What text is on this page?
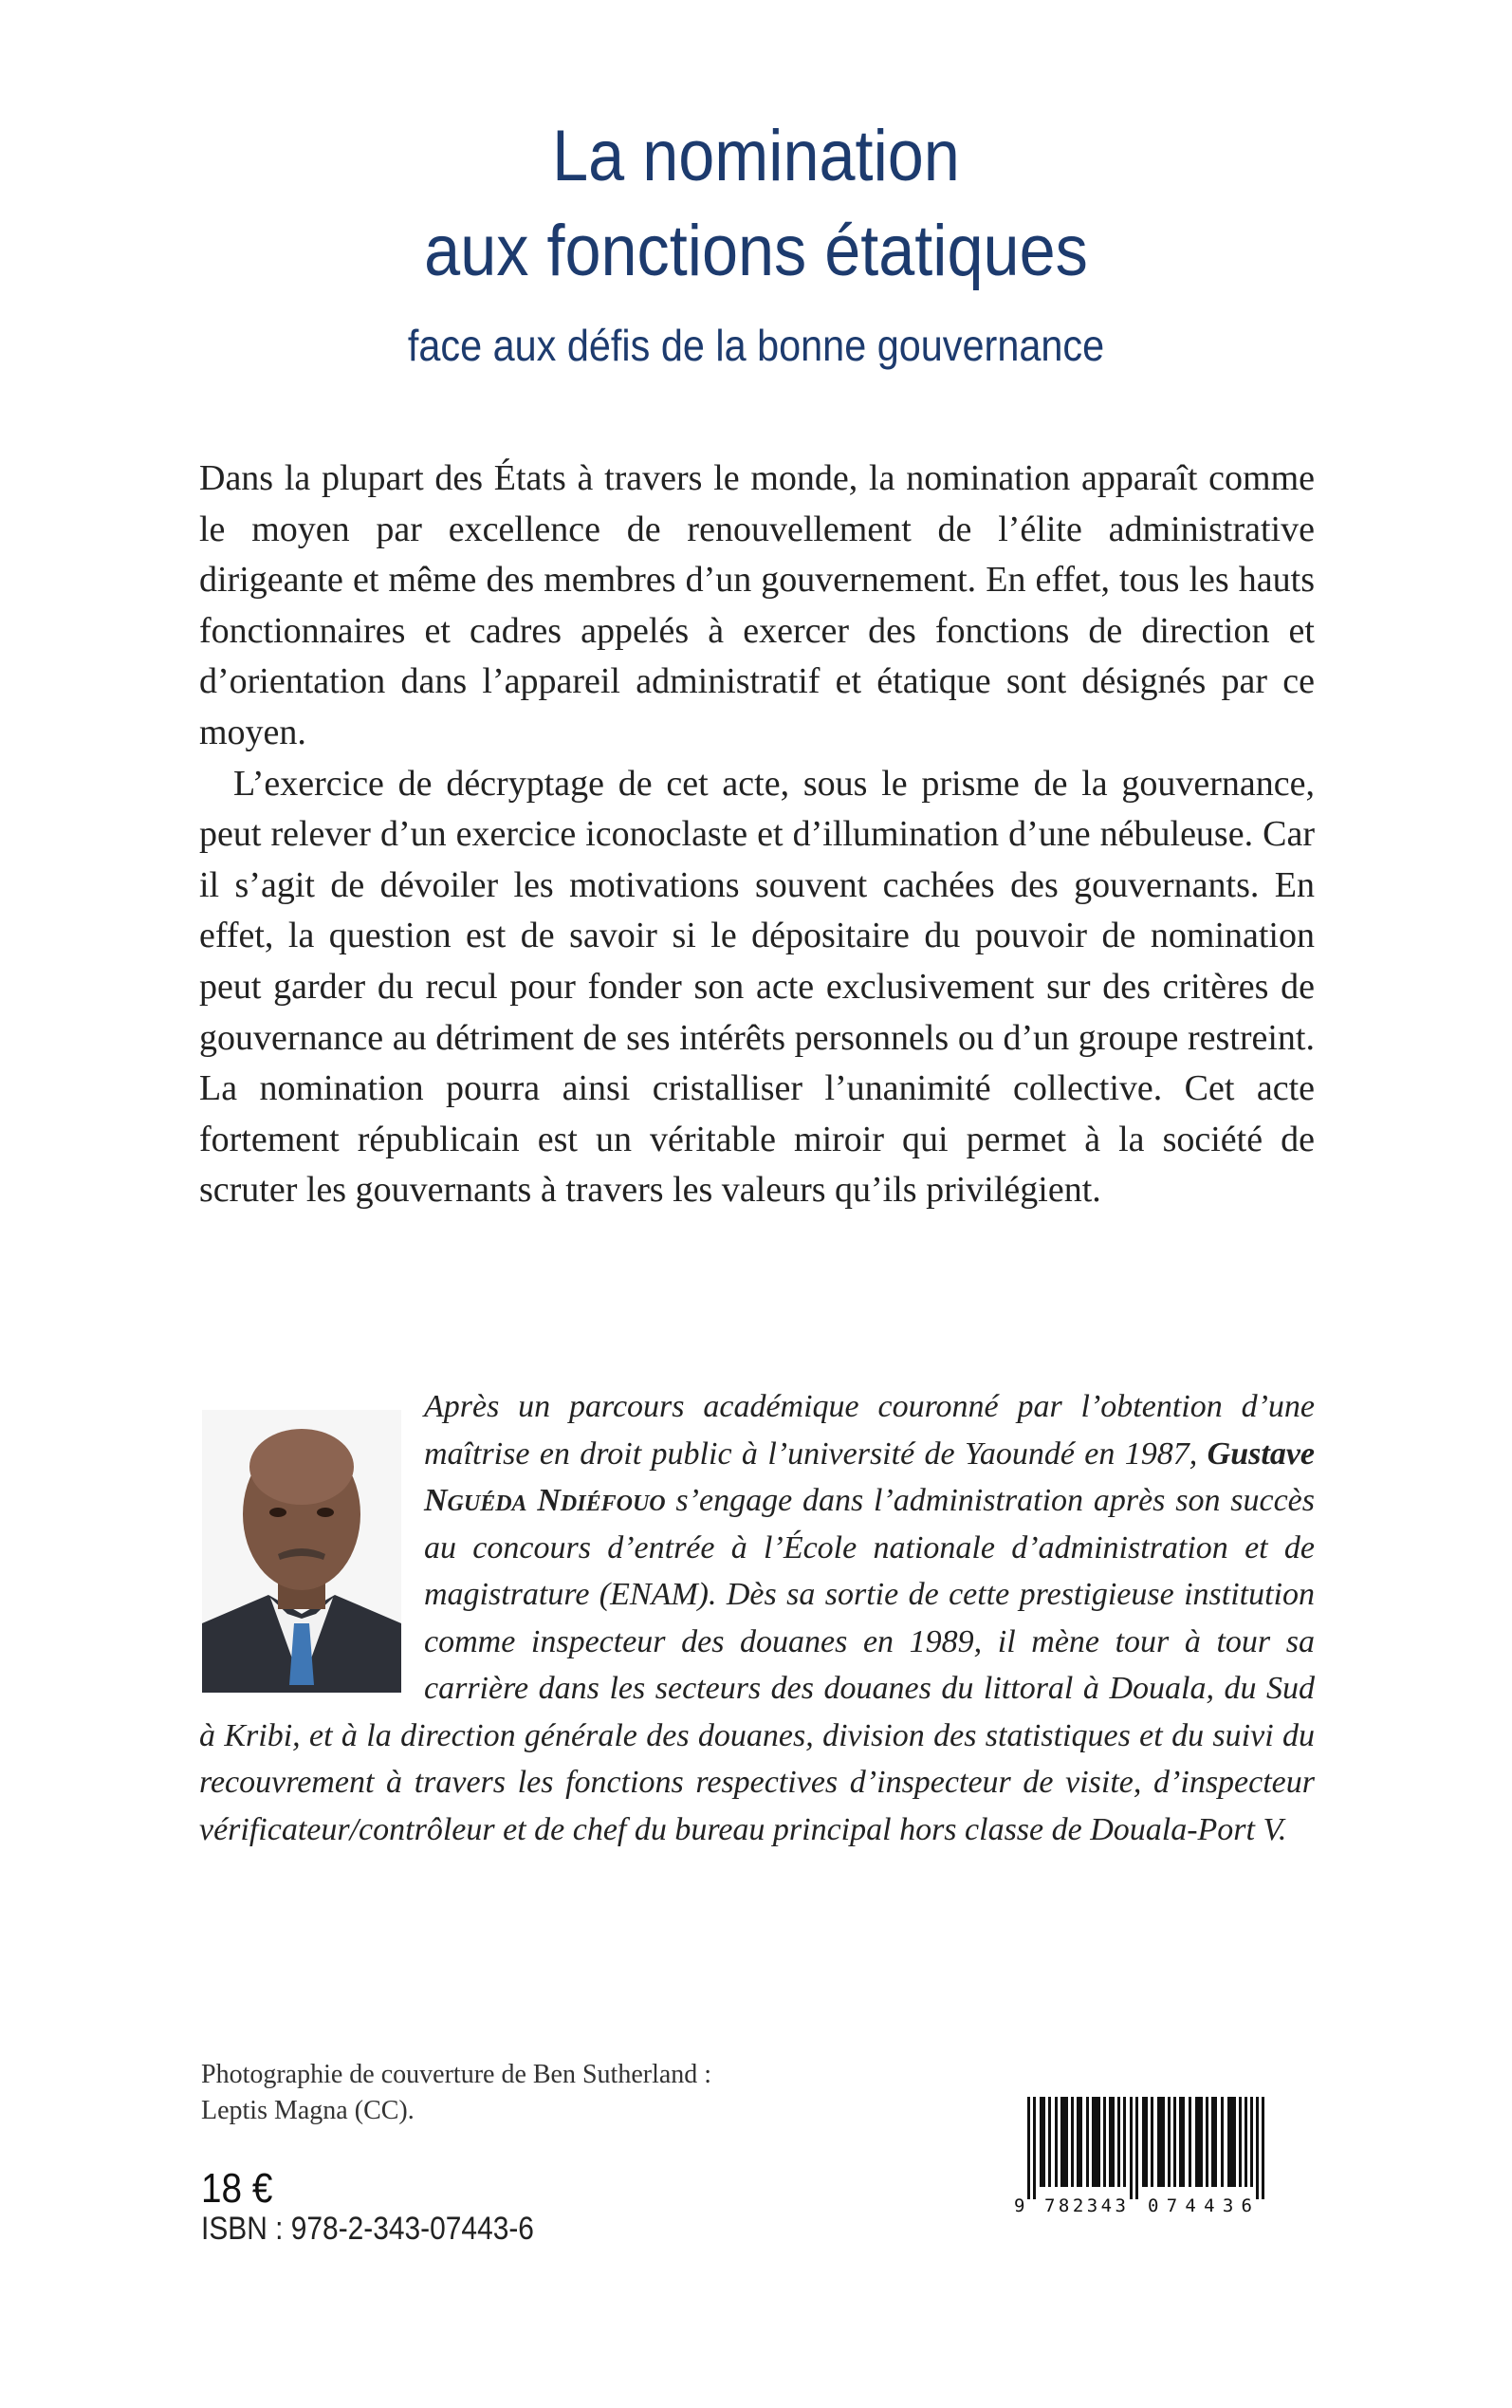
La nomination
aux fonctions étatiques
face aux défis de la bonne gouvernance

Dans la plupart des États à travers le monde, la nomination apparaît comme le moyen par excellence de renouvellement de l’élite administrative dirigeante et même des membres d’un gouvernement. En effet, tous les hauts fonctionnaires et cadres appelés à exercer des fonctions de direction et d’orientation dans l’appareil administratif et étatique sont désignés par ce moyen.

L’exercice de décryptage de cet acte, sous le prisme de la gouvernance, peut relever d’un exercice iconoclaste et d’illumination d’une nébuleuse. Car il s’agit de dévoiler les motivations souvent cachées des gouvernants. En effet, la question est de savoir si le dépositaire du pouvoir de nomination peut garder du recul pour fonder son acte exclusivement sur des critères de gouvernance au détriment de ses intérêts personnels ou d’un groupe restreint. La nomination pourra ainsi cristalliser l’unanimité collective. Cet acte fortement républicain est un véritable miroir qui permet à la société de scruter les gouvernants à travers les valeurs qu’ils privilégient.

Après un parcours académique couronné par l’obtention d’une maîtrise en droit public à l’université de Yaoundé en 1987, Gustave Nguéda Ndiéfouo s’engage dans l’administration après son succès au concours d’entrée à l’École nationale d’administration et de magistrature (ENAM). Dès sa sortie de cette prestigieuse institution comme inspecteur des douanes en 1989, il mène tour à tour sa carrière dans les secteurs des douanes du littoral à Douala, du Sud à Kribi, et à la direction générale des douanes, division des statistiques et du suivi du recouvrement à travers les fonctions respectives d’inspecteur de visite, d’inspecteur vérificateur/contrôleur et de chef du bureau principal hors classe de Douala-Port V.
Photographie de couverture de Ben Sutherland :
Leptis Magna (CC).
18 €
ISBN : 978-2-343-07443-6
9 782343 074436
